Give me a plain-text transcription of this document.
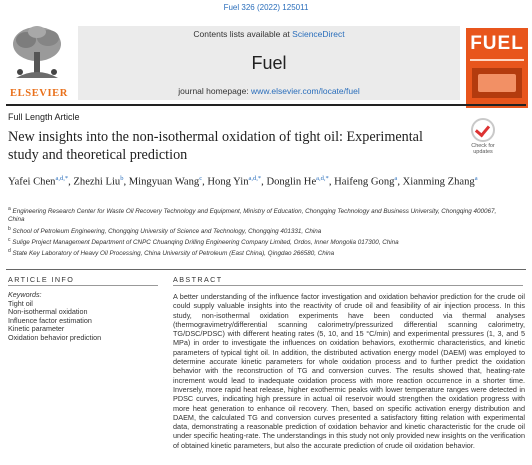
Fuel 326 (2022) 125011
ELSEVIER
Contents lists available at ScienceDirect
Fuel
journal homepage: www.elsevier.com/locate/fuel
FUEL
Full Length Article
New insights into the non-isothermal oxidation of tight oil: Experimental study and theoretical prediction
Check for updates
Yafei Chen$^{a,d,*}$, Zhezhi Liu$^b$, Mingyuan Wang$^c$, Hong Yin$^{a,d,*}$, Donglin $He^{a,d,*}$, Haifeng Gong$^a$, Xianming Zhang$^a$
$^a$ Engineering Research Center for Waste Oil Recovery Technology and Equipment, Ministry of Education, Chongqing Technology and Business University, Chongqing 400067, China
$^b$ School of Petroleum Engineering, Chongqing University of Science and Technology, Chongqing 401331, China
$^c$ Sulige Project Management Department of CNPC Chuanqing Drilling Engineering Company Limited, Ordos, Inner Mongolia 017300, China
$^d$ State Key Laboratory of Heavy Oil Processing, China University of Petroleum (East China), Qingdao 266580, China
ARTICLE INFO	ABSTRACT
Keywords:
Tight oil
Non-isothermal oxidation
Influence factor estimation
Kinetic parameter
Oxidation behavior prediction
A better understanding of the influence factor investigation and oxidation behavior prediction for the crude oil could supply valuable insights into the reactivity of crude oil and feasibility of air injection process. In this study, non-isothermal oxidation experiments have been conducted via thermal analyses (thermogravimetry/differential scanning calorimetry/pressurized differential scanning calorimetry, TG/DSC/PDSC) with different heating rates (5, 10, and 15 °C/min) and experimental pressures (1, 3, and 5 MPa) in order to investigate the influences on oxidation behaviors, exothermic characteristics, and kinetic parameters of typical tight oil. In addition, the distributed activation energy model (DAEM) was employed to determine accurate kinetic parameters for whole oxidation process and to further predict the oxidation behavior with the reconstruction of TG and conversion curves. The results showed that, heating-rate increment would lead to inadequate oxidation process with more reaction occurrence in a shorter time. Inversely, more rapid heat release, higher exothermic peaks with lower temperature ranges were detected in PDSC curves, indicating high pressure in actual oil reservoir would strengthen the oxidation progress with more heat generation to enhance oil recovery. Then, based on specific activation energy distribution and DAEM, the calculated TG and conversion curves presented a satisfactory fitting relation with experimental data, demonstrating a reasonable prediction of oxidation behavior and kinetic characteristic for the crude oil under specific heating-rate. The understandings in this study not only provided new insights on the verification of obtained kinetic parameters, but also the accurate prediction of crude oil oxidation behavior.
